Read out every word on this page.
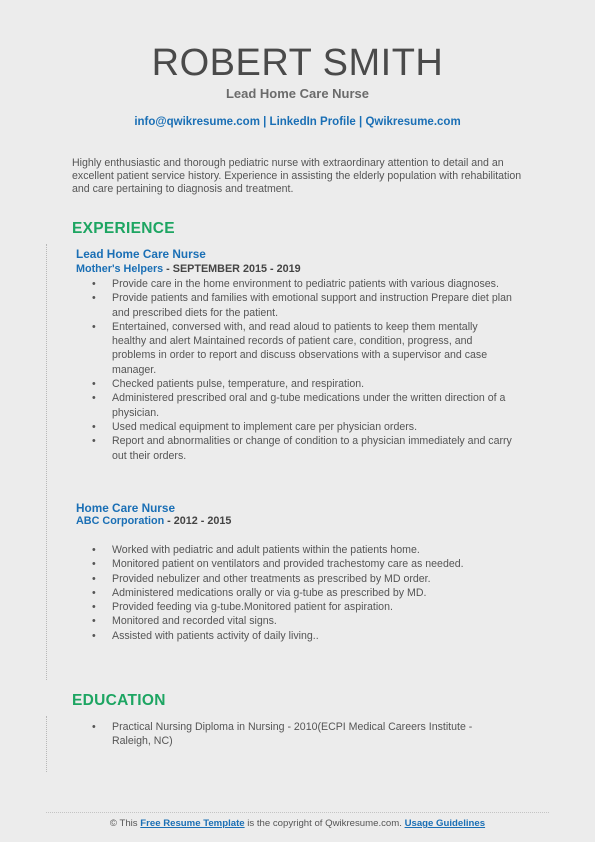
ROBERT SMITH
Lead Home Care Nurse
info@qwikresume.com | LinkedIn Profile | Qwikresume.com
Highly enthusiastic and thorough pediatric nurse with extraordinary attention to detail and an excellent patient service history. Experience in assisting the elderly population with rehabilitation and care pertaining to diagnosis and treatment.
EXPERIENCE
Lead Home Care Nurse
Mother's Helpers - SEPTEMBER 2015 - 2019
• Provide care in the home environment to pediatric patients with various diagnoses.
• Provide patients and families with emotional support and instruction Prepare diet plan and prescribed diets for the patient.
• Entertained, conversed with, and read aloud to patients to keep them mentally healthy and alert Maintained records of patient care, condition, progress, and problems in order to report and discuss observations with a supervisor and case manager.
• Checked patients pulse, temperature, and respiration.
• Administered prescribed oral and g-tube medications under the written direction of a physician.
• Used medical equipment to implement care per physician orders.
• Report and abnormalities or change of condition to a physician immediately and carry out their orders.
Home Care Nurse
ABC Corporation - 2012 - 2015
• Worked with pediatric and adult patients within the patients home.
• Monitored patient on ventilators and provided trachestomy care as needed.
• Provided nebulizer and other treatments as prescribed by MD order.
• Administered medications orally or via g-tube as prescribed by MD.
• Provided feeding via g-tube.Monitored patient for aspiration.
• Monitored and recorded vital signs.
• Assisted with patients activity of daily living..
EDUCATION
• Practical Nursing Diploma in Nursing - 2010(ECPI Medical Careers Institute - Raleigh, NC)
© This Free Resume Template is the copyright of Qwikresume.com. Usage Guidelines
